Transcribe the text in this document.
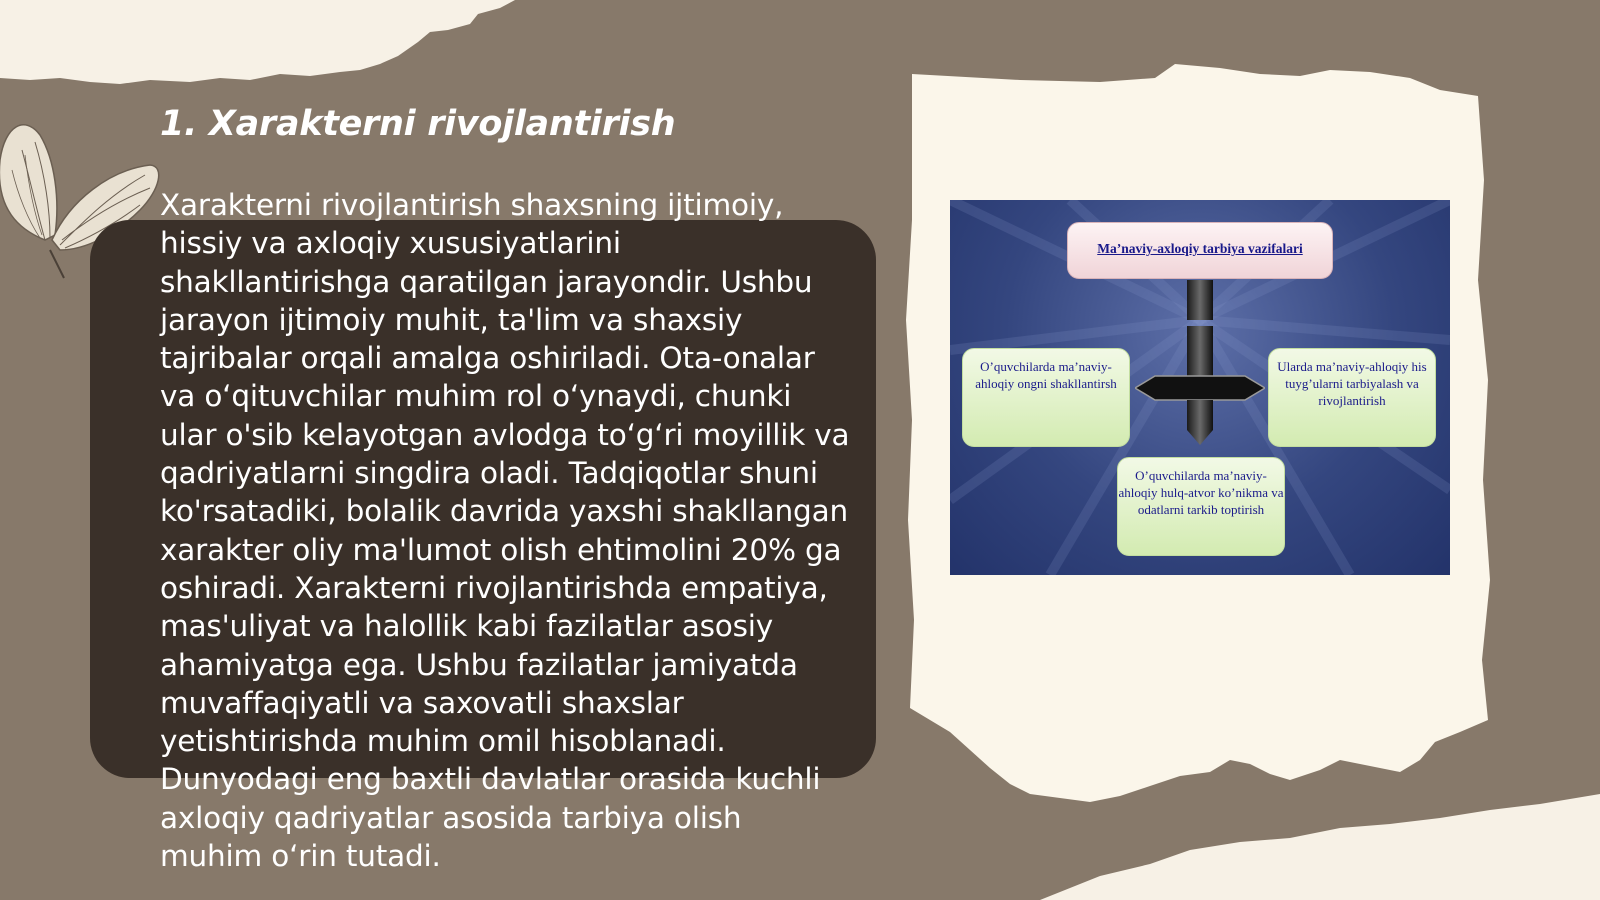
1. Xarakterni rivojlantirish

Xarakterni rivojlantirish shaxsning ijtimoiy, hissiy va axloqiy xususiyatlarini shakllantirishga qaratilgan jarayondir. Ushbu jarayon ijtimoiy muhit, ta'lim va shaxsiy tajribalar orqali amalga oshiriladi. Ota-onalar va o‘qituvchilar muhim rol o‘ynaydi, chunki ular o'sib kelayotgan avlodga to‘g‘ri moyillik va qadriyatlarni singdira oladi. Tadqiqotlar shuni ko'rsatadiki, bolalik davrida yaxshi shakllangan xarakter oliy ma'lumot olish ehtimolini 20% ga oshiradi. Xarakterni rivojlantirishda empatiya, mas'uliyat va halollik kabi fazilatlar asosiy ahamiyatga ega. Ushbu fazilatlar jamiyatda muvaffaqiyatli va saxovatli shaxslar yetishtirishda muhim omil hisoblanadi. Dunyodagi eng baxtli davlatlar orasida kuchli axloqiy qadriyatlar asosida tarbiya olish muhim o‘rin tutadi.

Ma’naviy-axloqiy tarbiya vazifalari
O’quvchilarda ma’naviy-ahloqiy ongni shakllantirsh
Ularda ma’naviy-ahloqiy his tuyg’ularni tarbiyalash va rivojlantirish
O’quvchilarda ma’naviy-ahloqiy hulq-atvor ko’nikma va odatlarni tarkib toptirish
